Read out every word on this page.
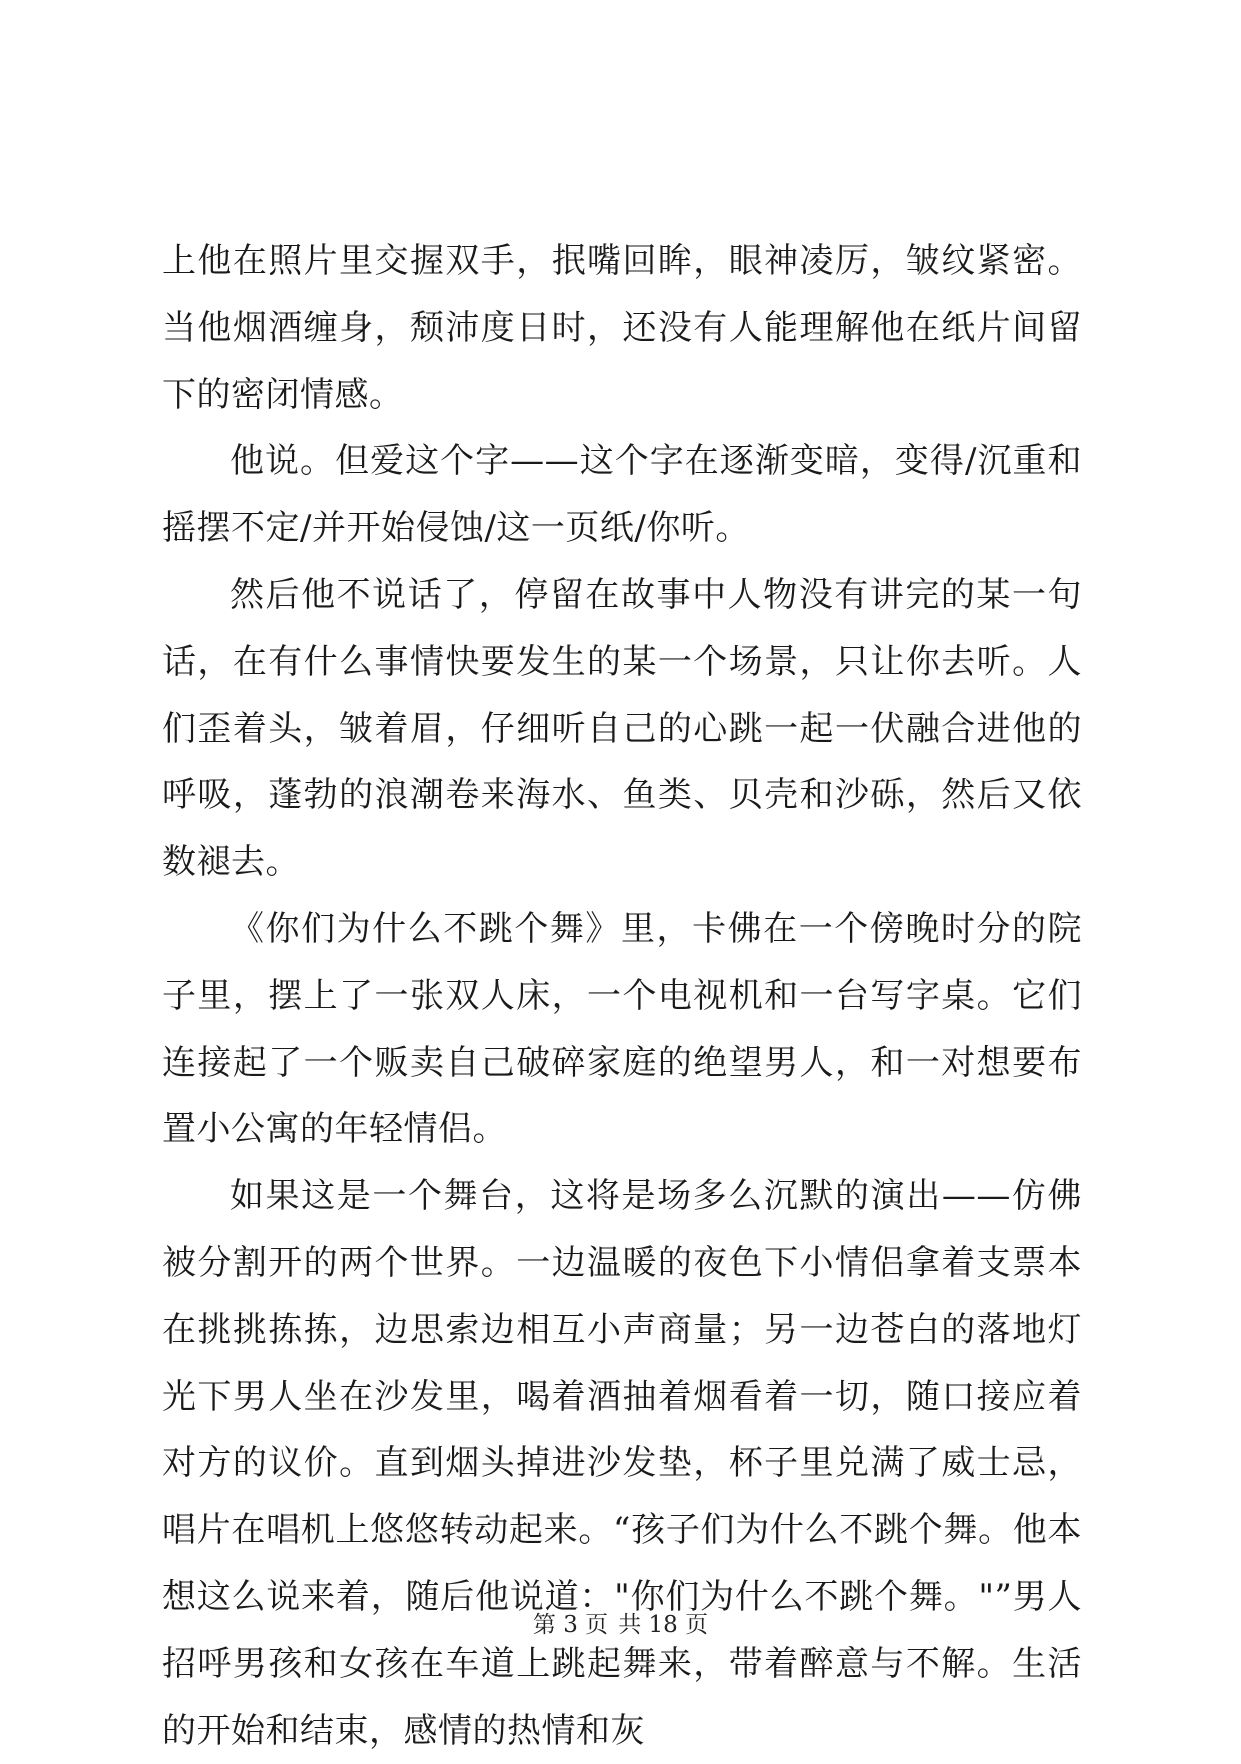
上他在照片里交握双手，抿嘴回眸，眼神凌厉，皱纹紧密。当他烟酒缠身，颓沛度日时，还没有人能理解他在纸片间留下的密闭情感。

他说。但爱这个字——这个字在逐渐变暗，变得/沉重和摇摆不定/并开始侵蚀/这一页纸/你听。

然后他不说话了，停留在故事中人物没有讲完的某一句话，在有什么事情快要发生的某一个场景，只让你去听。人们歪着头，皱着眉，仔细听自己的心跳一起一伏融合进他的呼吸，蓬勃的浪潮卷来海水、鱼类、贝壳和沙砾，然后又依数褪去。

《你们为什么不跳个舞》里，卡佛在一个傍晚时分的院子里，摆上了一张双人床，一个电视机和一台写字桌。它们连接起了一个贩卖自己破碎家庭的绝望男人，和一对想要布置小公寓的年轻情侣。

如果这是一个舞台，这将是场多么沉默的演出——仿佛被分割开的两个世界。一边温暖的夜色下小情侣拿着支票本在挑挑拣拣，边思索边相互小声商量；另一边苍白的落地灯光下男人坐在沙发里，喝着酒抽着烟看着一切，随口接应着对方的议价。直到烟头掉进沙发垫，杯子里兑满了威士忌，唱片在唱机上悠悠转动起来。“孩子们为什么不跳个舞。他本想这么说来着，随后他说道："你们为什么不跳个舞。"”男人招呼男孩和女孩在车道上跳起舞来，带着醉意与不解。生活的开始和结束，感情的热情和灰

第 3 页 共 18 页
